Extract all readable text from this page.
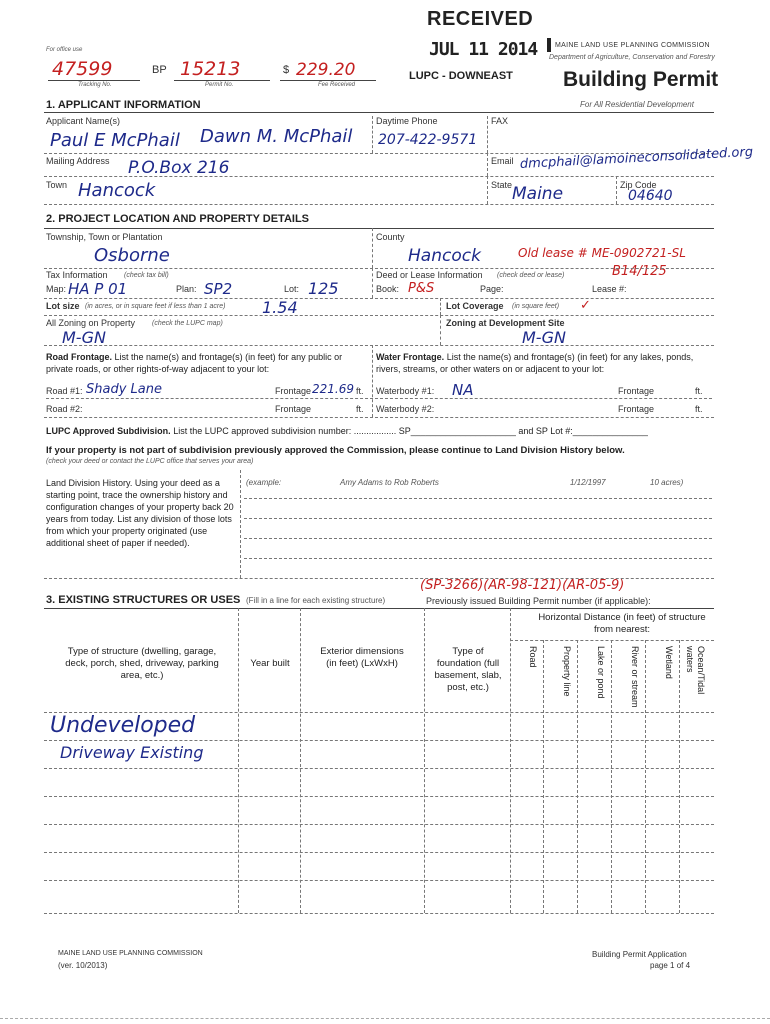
RECEIVED
JUL 11 2014
LUPC - DOWNEAST
For office use
47599
Tracking No.
BP 15213
Permit No.
$ 229.20
Fee Received
MAINE LAND USE PLANNING COMMISSION
Department of Agriculture, Conservation and Forestry
Building Permit
For All Residential Development
1. APPLICANT INFORMATION
Applicant Name(s)
Paul E McPhail Dawn M. McPhail
Daytime Phone
207-422-9571
FAX
Mailing Address P.O.Box 216	Email dmcphail@lamoineconsolidated.org
Town Hancock	State Maine	Zip Code
04640
2. PROJECT LOCATION AND PROPERTY DETAILS
Township, Town or Plantation
Osborne
County
Hancock	Old lease # ME-0902721-SL
B14/125
Tax Information (check tax bill)	Deed or Lease Information (check deed or lease)
Map: HA P 01	Plan: SP2	Lot: 125	Book: P&S	Page:	Lease #:
Lot size (in acres, or in square feet if less than 1 acre) 1.54	Lot Coverage (in square feet) ✓
All Zoning on Property (check the LUPC map)
M-GN
Zoning at Development Site
M-GN
Road Frontage. List the name(s) and frontage(s) (in feet) for any public or private roads, or other rights-of-way adjacent to your lot:
Water Frontage. List the name(s) and frontage(s) (in feet) for any lakes, ponds, rivers, streams, or other waters on or adjacent to your lot:
Road #1: Shady Lane	Frontage 221.69 ft. Waterbody #1: NA	Frontage	ft.
Road #2:	Frontage	ft. Waterbody #2:	Frontage	ft.
LUPC Approved Subdivision. List the LUPC approved subdivision number: ................. SP_____________________ and SP Lot #:_______________
If your property is not part of subdivision previously approved the Commission, please continue to Land Division History below.
(check your deed or contact the LUPC office that serves your area)
Land Division History. Using your deed as a starting point, trace the ownership history and configuration changes of your property back 20 years from today. List any division of those lots from which your property originated (use additional sheet of paper if needed).
(example:	Amy Adams to Rob Roberts	1/12/1997	10 acres)
(SP-3266)(AR-98-121)(AR-05-9)
3. EXISTING STRUCTURES OR USES (Fill in a line for each existing structure)	Previously issued Building Permit number (if applicable):
Type of structure (dwelling, garage, deck, porch, shed, driveway, parking area, etc.)
Year built
Exterior dimensions (in feet) (LxWxH)
Type of foundation (full basement, slab, post, etc.)
Horizontal Distance (in feet) of structure from nearest:
Road	Property line	Lake or pond	River or stream	Wetland	Ocean/Tidal waters
Undeveloped
Driveway Existing
MAINE LAND USE PLANNING COMMISSION
(ver. 10/2013)
Building Permit Application
page 1 of 4
